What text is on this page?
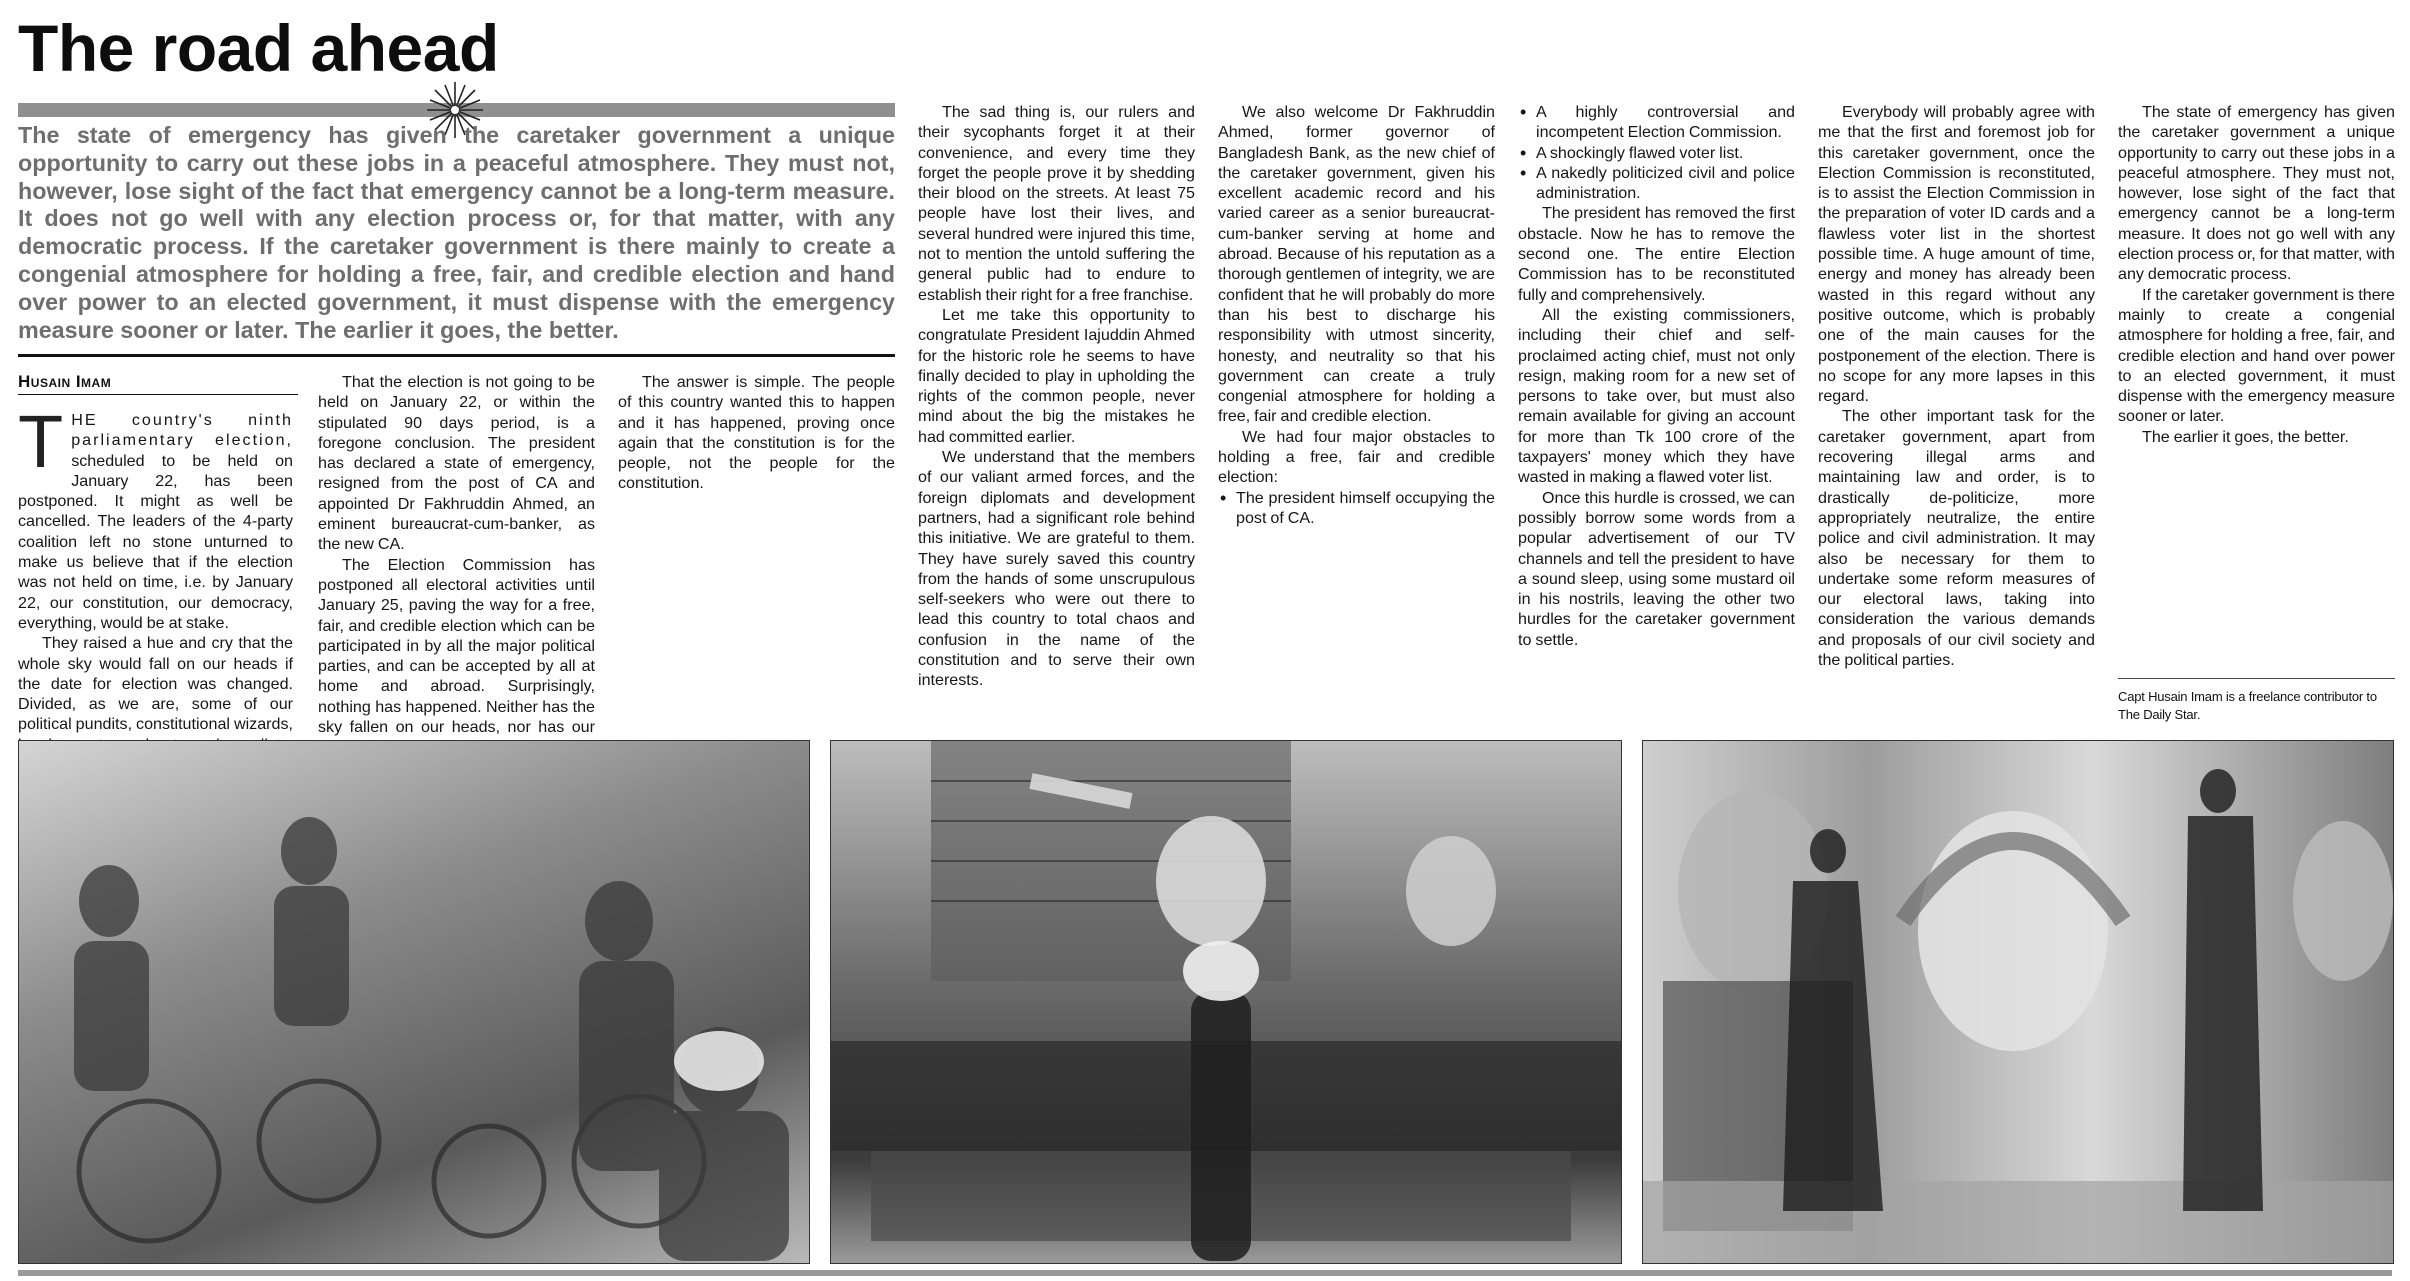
The road ahead
The state of emergency has given the caretaker government a unique opportunity to carry out these jobs in a peaceful atmosphere. They must not, however, lose sight of the fact that emergency cannot be a long-term measure. It does not go well with any election process or, for that matter, with any democratic process. If the caretaker government is there mainly to create a congenial atmosphere for holding a free, fair, and credible election and hand over power to an elected government, it must dispense with the emergency measure sooner or later. The earlier it goes, the better.
Husain Imam

THE country's ninth parliamentary election, scheduled to be held on January 22, has been postponed. It might as well be cancelled. The leaders of the 4-party coalition left no stone unturned to make us believe that if the election was not held on time, i.e. by January 22, our constitution, our democracy, everything, would be at stake.

They raised a hue and cry that the whole sky would fall on our heads if the date for election was changed. Divided, as we are, some of our political pundits, constitutional wizards,

That the election is not going to be held on January 22, or within the stipulated 90 days period, is a foregone conclusion. The president has declared a state of emergency, resigned from the post of CA and appointed Dr Fakhruddin Ahmed, an eminent bureaucrat-cum-banker, as the new CA.

The Election Commission has postponed all electoral activities until January 25, paving the way for a free, fair, and credible election which can be participated in by all the major political parties, and can be accepted by all at home and abroad. Surprisingly, nothing has happened. Neither has the sky fallen on our heads, nor has our

The answer is simple. The people of this country wanted this to happen and it has happened, proving once again that the constitution is for the people, not the people for the constitution.

The sad thing is, our rulers and their sycophants forget it at their convenience, and every time they forget the people prove it by shedding their blood on the streets. At least 75 people have lost their lives, and several hundred were injured this time, not to mention the untold suffering the general public had to endure to establish their right for a free franchise.

Let me take this opportunity to congratulate President Iajuddin Ahmed for the historic role he seems to have finally decided to play in upholding the rights of the common people, never mind about the big the mistakes he had committed earlier.

We understand that the members of our valiant armed forces, and the foreign diplomats and development partners, had a significant role behind this initiative. We are grateful to them. They have surely saved this country from the hands of some unscrupulous self-seekers who were out there to lead this country to total chaos and confusion in the name of the constitution and to serve their own interests.

We also welcome Dr Fakhruddin Ahmed, former governor of Bangladesh Bank, as the new chief of the caretaker government, given his excellent academic record and his varied career as a senior bureaucrat-cum-banker serving at home and abroad. Because of his reputation as a thorough gentlemen of integrity, we are confident that he will probably do more than his best to discharge his responsibility with utmost sincerity, honesty, and neutrality so that his government can create a truly congenial atmosphere for holding a free, fair and credible election.

We had four major obstacles to holding a free, fair and credible election:

• The president himself occupying the post of CA.
• A highly controversial and incompetent Election Commission.
• A shockingly flawed voter list.
• A nakedly politicized civil and police administration.

The president has removed the first obstacle. Now he has to remove the second one. The entire Election Commission has to be reconstituted fully and comprehensively.

All the existing commissioners, including their chief and self-proclaimed acting chief, must not only resign, making room for a new set of persons to take over, but must also remain available for giving an account for more than Tk 100 crore of the taxpayers' money which they have wasted in making a flawed voter list.

Once this hurdle is crossed, we can possibly borrow some words from a popular advertisement of our TV channels and tell the president to have a sound sleep, using some mustard oil in his nostrils, leaving the other two hurdles for the caretaker government to settle.

Everybody will probably agree with me that the first and foremost job for this caretaker government, once the Election Commission is reconstituted, is to assist the Election Commission in the preparation of voter ID cards and a flawless voter list in the shortest possible time. A huge amount of time, energy and money has already been wasted in this regard without any positive outcome, which is probably one of the main causes for the postponement of the election. There is no scope for any more lapses in this regard.

The other important task for the caretaker government, apart from recovering illegal arms and maintaining law and order, is to drastically de-politicize, more appropriately neutralize, the entire police and civil administration. It may also be necessary for them to undertake some reform measures of our electoral laws, taking into consideration the various demands and proposals of our civil society and the political parties.

The state of emergency has given the caretaker government a unique opportunity to carry out these jobs in a peaceful atmosphere. They must not, however, lose sight of the fact that emergency cannot be a long-term measure. It does not go well with any election process or, for that matter, with any democratic process.

If the caretaker government is there mainly to create a congenial atmosphere for holding a free, fair, and credible election and hand over power to an elected government, it must dispense with the emergency measure sooner or later.

The earlier it goes, the better.

Capt Husain Imam is a freelance contributor to The Daily Star.
